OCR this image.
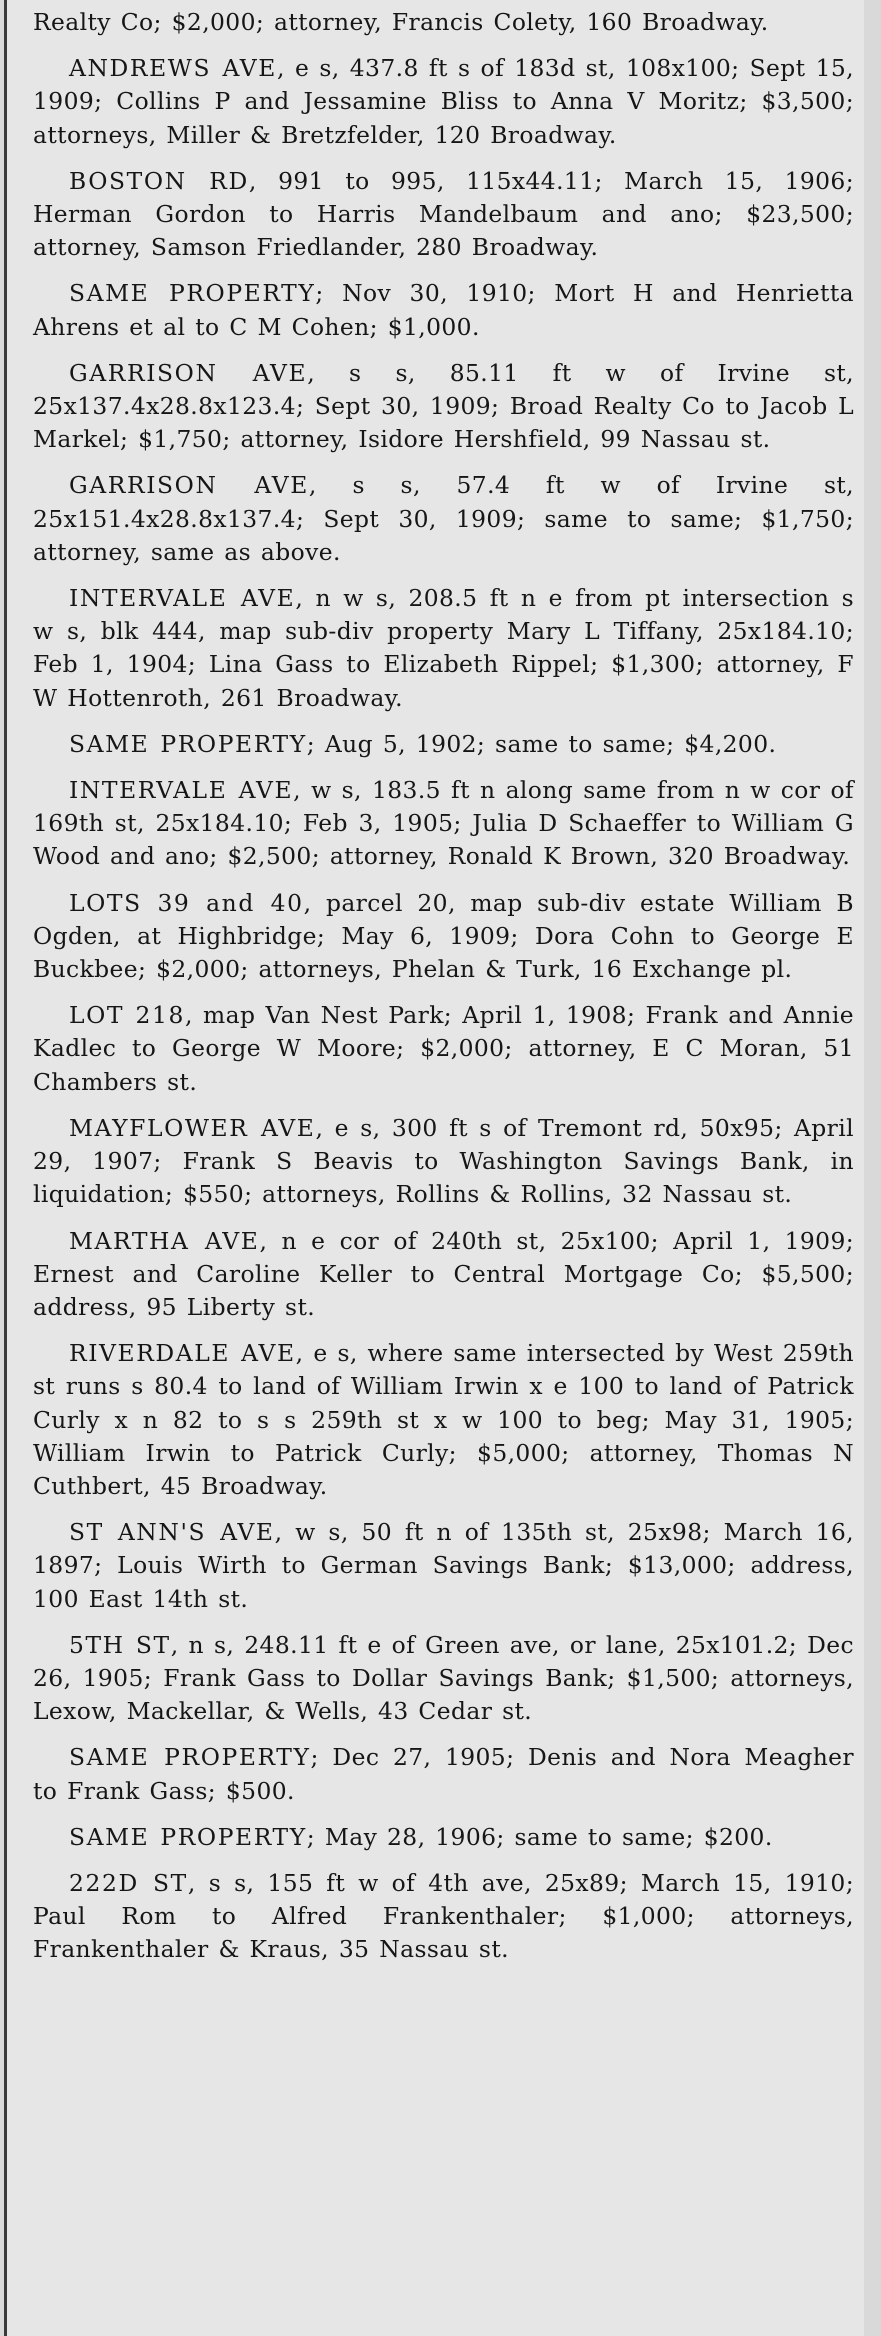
Realty Co; $2,000; attorney, Francis Colety, 160 Broadway.

ANDREWS AVE, e s, 437.8 ft s of 183d st, 108x100; Sept 15, 1909; Collins P and Jessamine Bliss to Anna V Moritz; $3,500; attorneys, Miller & Bretzfelder, 120 Broadway.

BOSTON RD, 991 to 995, 115x44.11; March 15, 1906; Herman Gordon to Harris Mandelbaum and ano; $23,500; attorney, Samson Friedlander, 280 Broadway.

SAME PROPERTY; Nov 30, 1910; Mort H and Henrietta Ahrens et al to C M Cohen; $1,000.

GARRISON AVE, s s, 85.11 ft w of Irvine st, 25x137.4x28.8x123.4; Sept 30, 1909; Broad Realty Co to Jacob L Markel; $1,750; attorney, Isidore Hershfield, 99 Nassau st.

GARRISON AVE, s s, 57.4 ft w of Irvine st, 25x151.4x28.8x137.4; Sept 30, 1909; same to same; $1,750; attorney, same as above.

INTERVALE AVE, n w s, 208.5 ft n e from pt intersection s w s, blk 444, map sub-div property Mary L Tiffany, 25x184.10; Feb 1, 1904; Lina Gass to Elizabeth Rippel; $1,300; attorney, F W Hottenroth, 261 Broadway.

SAME PROPERTY; Aug 5, 1902; same to same; $4,200.

INTERVALE AVE, w s, 183.5 ft n along same from n w cor of 169th st, 25x184.10; Feb 3, 1905; Julia D Schaeffer to William G Wood and ano; $2,500; attorney, Ronald K Brown, 320 Broadway.

LOTS 39 and 40, parcel 20, map sub-div estate William B Ogden, at Highbridge; May 6, 1909; Dora Cohn to George E Buckbee; $2,000; attorneys, Phelan & Turk, 16 Exchange pl.

LOT 218, map Van Nest Park; April 1, 1908; Frank and Annie Kadlec to George W Moore; $2,000; attorney, E C Moran, 51 Chambers st.

MAYFLOWER AVE, e s, 300 ft s of Tremont rd, 50x95; April 29, 1907; Frank S Beavis to Washington Savings Bank, in liquidation; $550; attorneys, Rollins & Rollins, 32 Nassau st.

MARTHA AVE, n e cor of 240th st, 25x100; April 1, 1909; Ernest and Caroline Keller to Central Mortgage Co; $5,500; address, 95 Liberty st.

RIVERDALE AVE, e s, where same intersected by West 259th st runs s 80.4 to land of William Irwin x e 100 to land of Patrick Curly x n 82 to s s 259th st x w 100 to beg; May 31, 1905; William Irwin to Patrick Curly; $5,000; attorney, Thomas N Cuthbert, 45 Broadway.

ST ANN'S AVE, w s, 50 ft n of 135th st, 25x98; March 16, 1897; Louis Wirth to German Savings Bank; $13,000; address, 100 East 14th st.

5TH ST, n s, 248.11 ft e of Green ave, or lane, 25x101.2; Dec 26, 1905; Frank Gass to Dollar Savings Bank; $1,500; attorneys, Lexow, Mackellar, & Wells, 43 Cedar st.

SAME PROPERTY; Dec 27, 1905; Denis and Nora Meagher to Frank Gass; $500.

SAME PROPERTY; May 28, 1906; same to same; $200.

222D ST, s s, 155 ft w of 4th ave, 25x89; March 15, 1910; Paul Rom to Alfred Frankenthaler; $1,000; attorneys, Frankenthaler & Kraus, 35 Nassau st.
